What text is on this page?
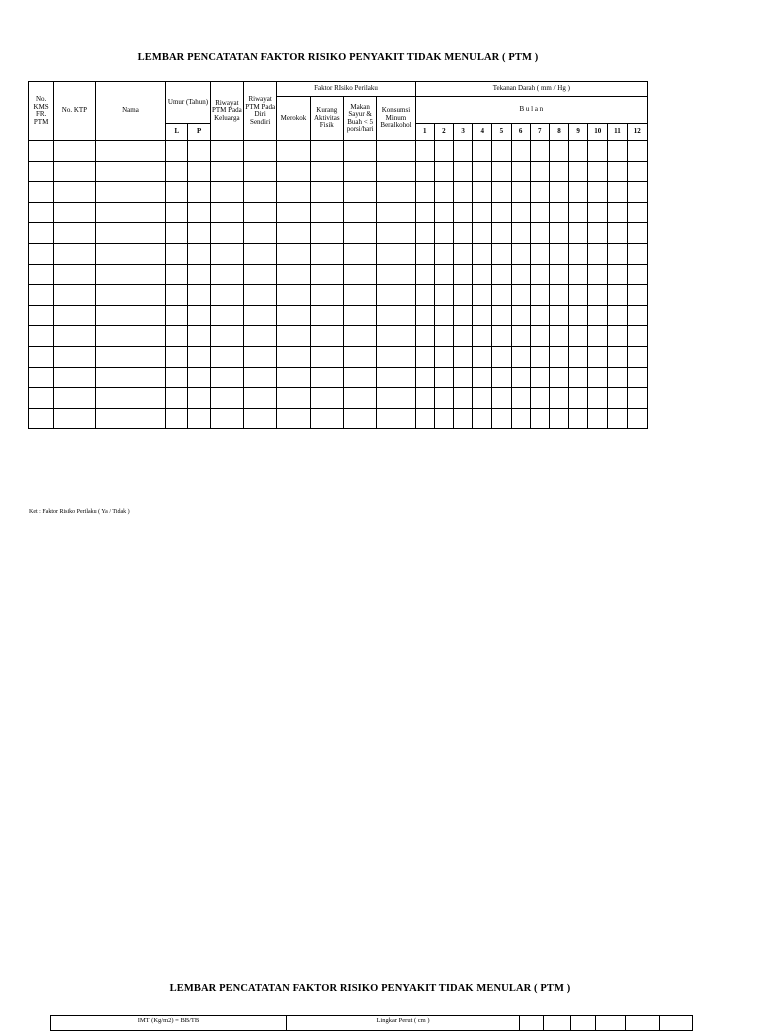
LEMBAR PENCATATAN FAKTOR RISIKO PENYAKIT TIDAK MENULAR ( PTM )
No. KMS FR. PTM	No. KTP	Nama	Umur (Tahun)		Riwayat PTM Pada Keluarga	Riwayat PTM Pada Diri Sendiri	Faktor RIsiko Perilaku				Tekanan Darah ( mm / Hg )											
							Merokok	Kurang Aktivitas Fisik	Makan Sayur & Buah < 5 porsi/hari	Konsumsi Minum Beralkohol	B u l a n											
			L	P							1	2	3	4	5	6	7	8	9	10	11	12

Ket : Faktor Risiko Perilaku ( Ya / Tidak )
LEMBAR PENCATATAN FAKTOR RISIKO PENYAKIT TIDAK MENULAR ( PTM )
IMT (Kg/m2) = BB/TB	Lingkar Perut ( cm )						
